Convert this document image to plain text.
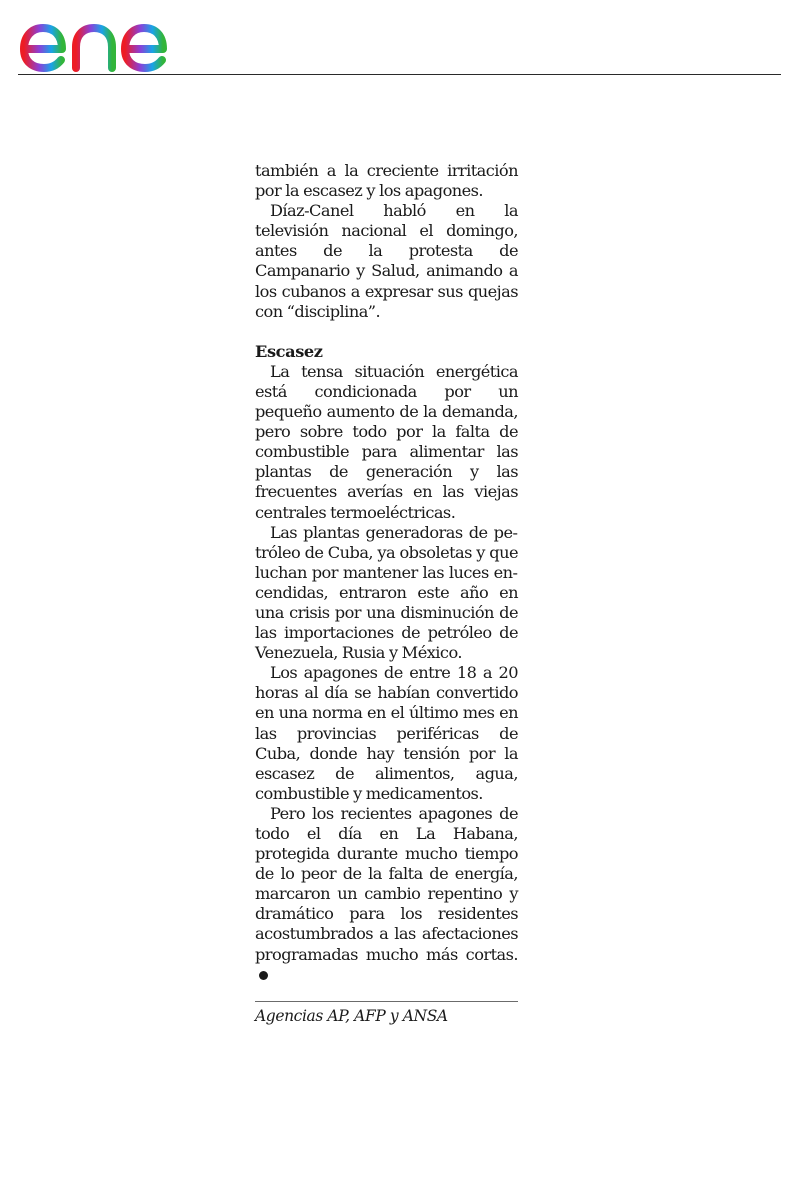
también a la creciente irritación por la escasez y los apagones.

Díaz-Canel habló en la televisión nacional el domingo, antes de la protesta de Campanario y Salud, animando a los cubanos a expresar sus quejas con “disciplina”.

Escasez

La tensa situación energética está condicionada por un pequeño aumento de la demanda, pero sobre todo por la falta de combustible para alimentar las plantas de generación y las frecuentes averías en las viejas centrales termoeléctricas.

Las plantas generadoras de petróleo de Cuba, ya obsoletas y que luchan por mantener las luces encendidas, entraron este año en una crisis por una disminución de las importaciones de petróleo de Venezuela, Rusia y México.

Los apagones de entre 18 a 20 horas al día se habían convertido en una norma en el último mes en las provincias periféricas de Cuba, donde hay tensión por la escasez de alimentos, agua, combustible y medicamentos.

Pero los recientes apagones de todo el día en La Habana, protegida durante mucho tiempo de lo peor de la falta de energía, marcaron un cambio repentino y dramático para los residentes acostumbrados a las afectaciones programadas mucho más cortas.

Agencias AP, AFP y ANSA
